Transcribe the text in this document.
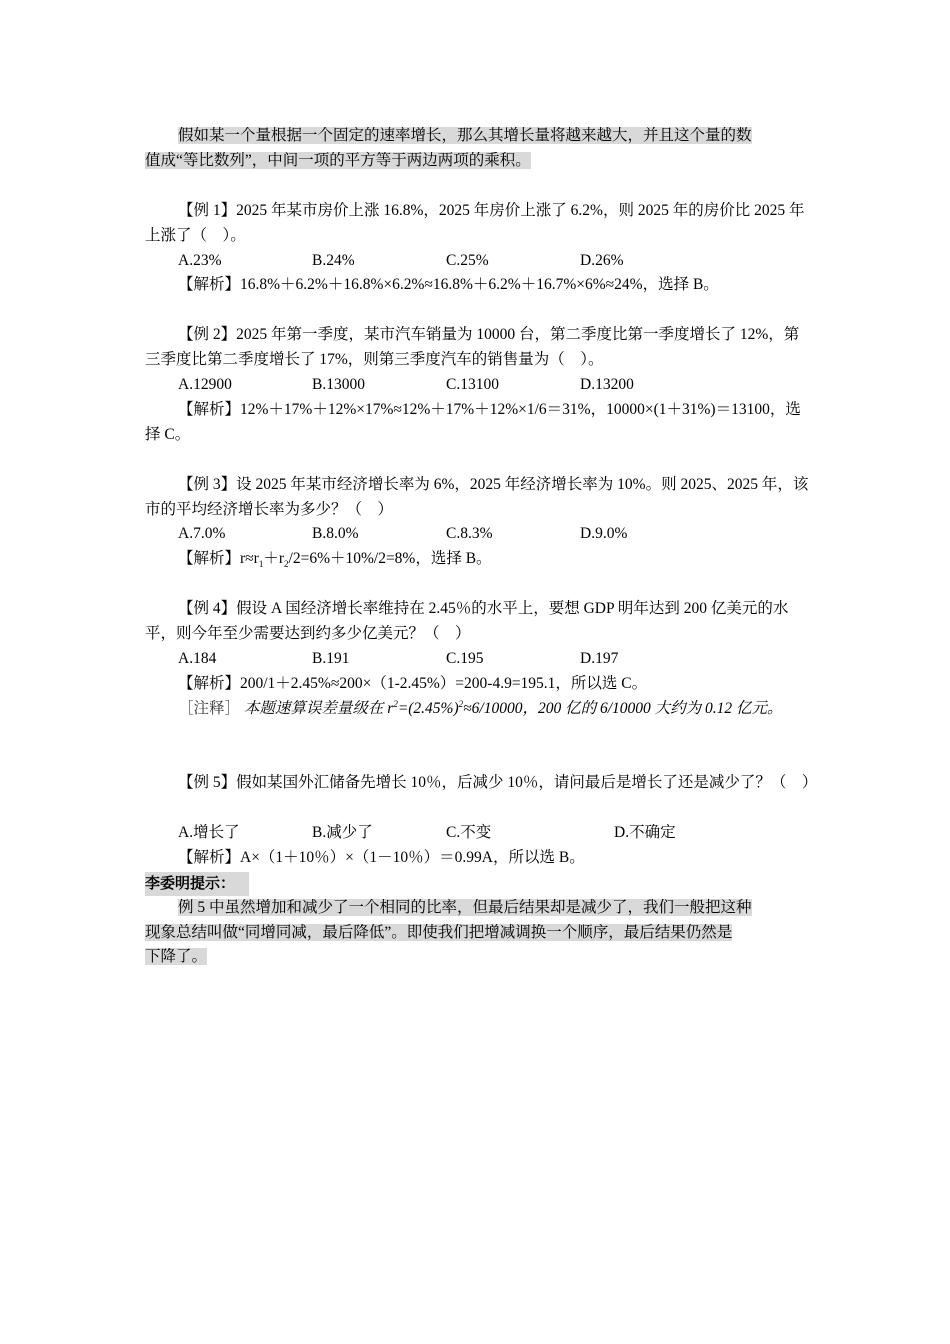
假如某一个量根据一个固定的速率增长，那么其增长量将越来越大，并且这个量的数
值成“等比数列”，中间一项的平方等于两边两项的乘积。

【例 1】2025 年某市房价上涨 16.8%，2025 年房价上涨了 6.2%，则 2025 年的房价比 2025 年上涨了（　）。

A.23%	B.24%	C.25%	D.26%

【解析】16.8%＋6.2%＋16.8%×6.2%≈16.8%＋6.2%＋16.7%×6%≈24%，选择 B。

【例 2】2025 年第一季度，某市汽车销量为 10000 台，第二季度比第一季度增长了 12%，第三季度比第二季度增长了 17%，则第三季度汽车的销售量为（　）。

A.12900	B.13000	C.13100	D.13200

【解析】12%＋17%＋12%×17%≈12%＋17%＋12%×1/6＝31%，10000×(1＋31%)＝13100，选择 C。

【例 3】设 2025 年某市经济增长率为 6%，2025 年经济增长率为 10%。则 2025、2025 年，该市的平均经济增长率为多少？（　）

A.7.0%	B.8.0%	C.8.3%	D.9.0%

【解析】$r\approx r_1+r_2/2=6\%+10\%/2=8\%$，选择 B。

【例 4】假设 A 国经济增长率维持在 2.45％的水平上，要想 GDP 明年达到 200 亿美元的水平，则今年至少需要达到约多少亿美元？（　）

A.184	B.191	C.195	D.197

【解析】200/1＋2.45%≈200×（1-2.45%）=200-4.9=195.1，所以选 C。

［注释］ 本题速算误差量级在 r$^2$=(2.45%)$^2$≈6/10000，200 亿的 6/10000 大约为 0.12 亿元。

【例 5】假如某国外汇储备先增长 10％，后减少 10％，请问最后是增长了还是减少了？（　）

A.增长了	B.减少了	C.不变	D.不确定

【解析】A×（1＋10％）×（1－10％）＝0.99A，所以选 B。

李委明提示：

例 5 中虽然增加和减少了一个相同的比率，但最后结果却是减少了，我们一般把这种
现象总结叫做“同增同减，最后降低”。即使我们把增减调换一个顺序，最后结果仍然是
下降了。
